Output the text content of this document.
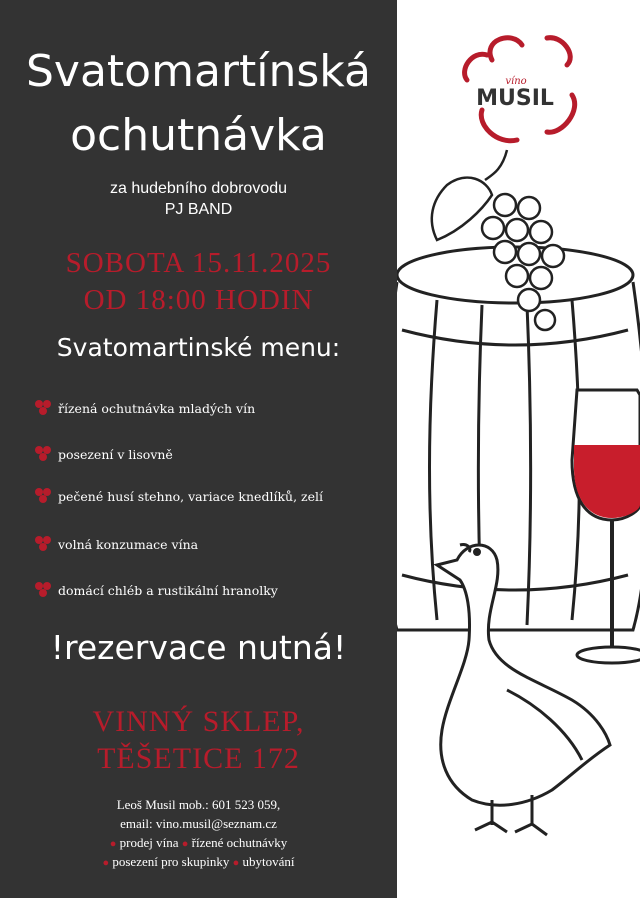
Svatomartínská
ochutnávka
za hudebního dobrovodu
PJ BAND
SOBOTA 15.11.2025
OD 18:00 HODIN
Svatomartinské menu:
řízená ochutnávka mladých vín
posezení v lisovně
pečené husí stehno, variace knedlíků, zelí
volná konzumace vína
domácí chléb a rustikální hranolky
!rezervace nutná!
VINNÝ SKLEP,
TĚŠETICE 172
Leoš Musil mob.: 601 523 059,
email: vino.musil@seznam.cz
● prodej vína ● řízené ochutnávky
● posezení pro skupinky ● ubytování
víno
MUSIL
